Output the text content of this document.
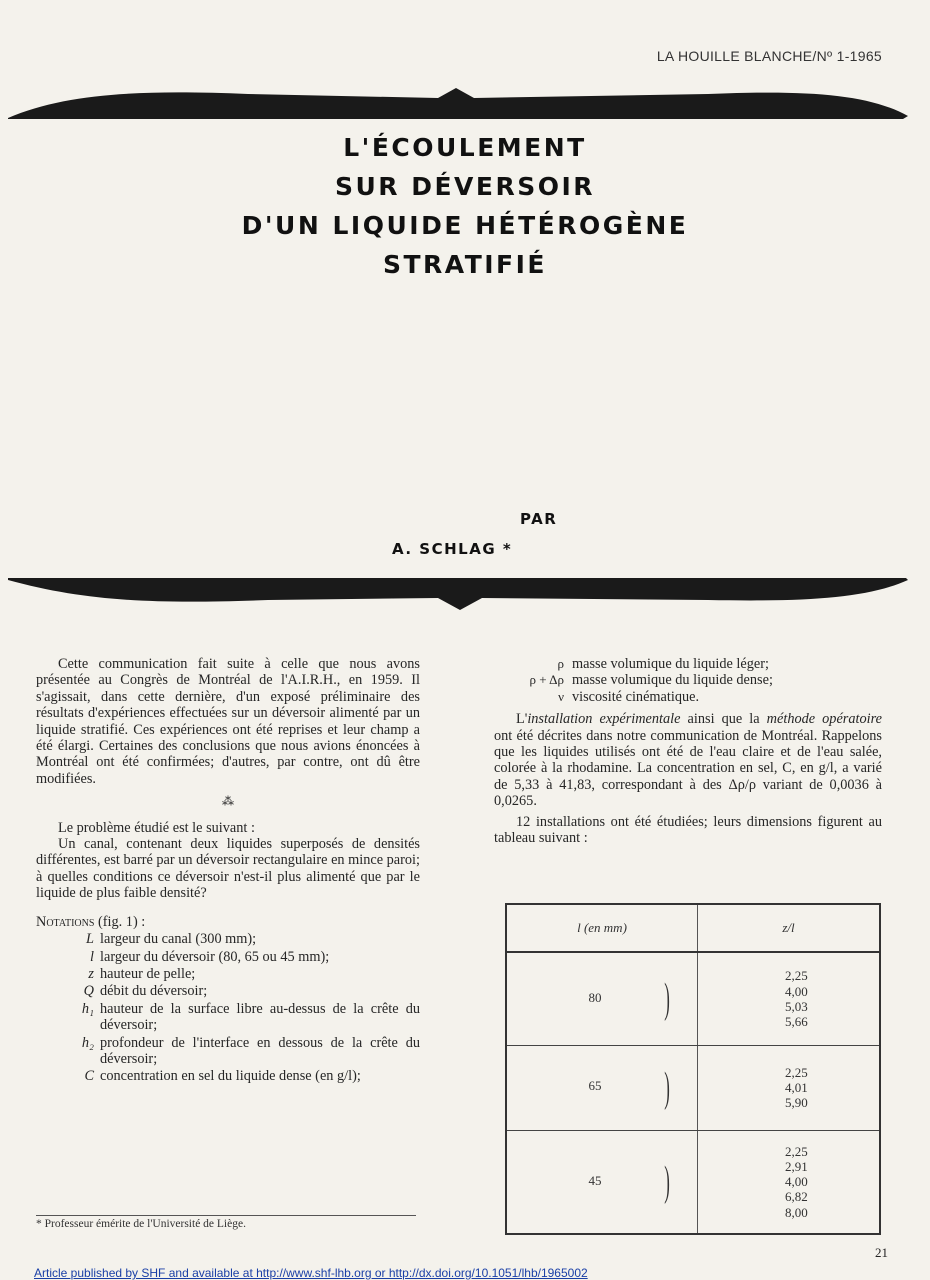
LA HOUILLE BLANCHE/Nº 1-1965
L'ÉCOULEMENT
SUR DÉVERSOIR
D'UN LIQUIDE HÉTÉROGÈNE
STRATIFIÉ
PAR
A. SCHLAG *

Cette communication fait suite à celle que nous avons présentée au Congrès de Montréal de l'A.I.R.H., en 1959. Il s'agissait, dans cette dernière, d'un exposé préliminaire des résultats d'expériences effectuées sur un déversoir alimenté par un liquide stratifié. Ces expériences ont été reprises et leur champ a été élargi. Certaines des conclusions que nous avions énoncées à Montréal ont été confirmées; d'autres, par contre, ont dû être modifiées.

⁂

Le problème étudié est le suivant :

Un canal, contenant deux liquides superposés de densités différentes, est barré par un déversoir rectangulaire en mince paroi; à quelles conditions ce déversoir n'est-il plus alimenté que par le liquide de plus faible densité?

Notations (fig. 1) :
L largeur du canal (300 mm);
l largeur du déversoir (80, 65 ou 45 mm);
z hauteur de pelle;
Q débit du déversoir;
h₁ hauteur de la surface libre au-dessus de la crête du déversoir;
h₂ profondeur de l'interface en dessous de la crête du déversoir;
C concentration en sel du liquide dense (en g/l);
* Professeur émérite de l'Université de Liège.
ρ masse volumique du liquide léger;
ρ + Δρ masse volumique du liquide dense;
ν viscosité cinématique.

L'installation expérimentale ainsi que la méthode opératoire ont été décrites dans notre communication de Montréal. Rappelons que les liquides utilisés ont été de l'eau claire et de l'eau salée, colorée à la rhodamine. La concentration en sel, C, en g/l, a varié de 5,33 à 41,83, correspondant à des Δρ/ρ variant de 0,0036 à 0,0265.

12 installations ont été étudiées; leurs dimensions figurent au tableau suivant :

l (en mm)	z/l
80 )	2,25
4,00
5,03
5,66

65 )	2,25
4,01
5,90

45 )	2,25
2,91
4,00
6,82
8,00
21
Article published by SHF and available at http://www.shf-lhb.org or http://dx.doi.org/10.1051/lhb/1965002
